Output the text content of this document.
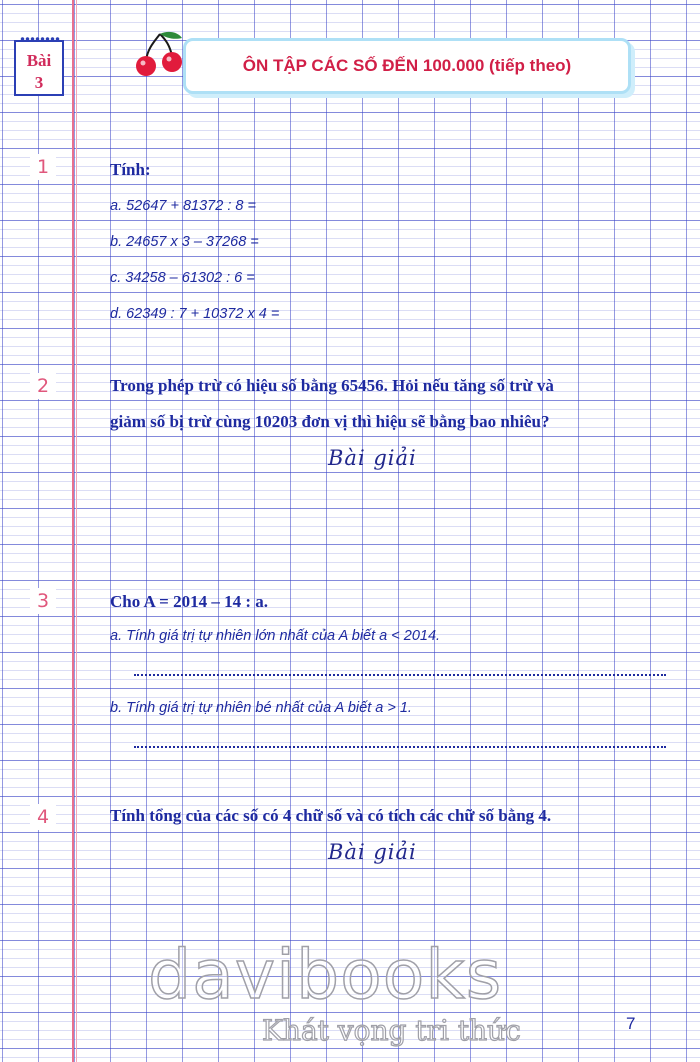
Bài
3
ÔN TẬP CÁC SỐ ĐẾN 100.000 (tiếp theo)
1	Tính:
a. 52647 + 81372 : 8 =
b. 24657 x 3 – 37268 =
c. 34258 – 61302 : 6 =
d. 62349 : 7 + 10372 x 4 =
2	Trong phép trừ có hiệu số bằng 65456. Hỏi nếu tăng số trừ và
giảm số bị trừ cùng 10203 đơn vị thì hiệu sẽ bằng bao nhiêu?
Bài giải
3	Cho A = 2014 – 14 : a.
a. Tính giá trị tự nhiên lớn nhất của A biết a < 2014.
b. Tính giá trị tự nhiên bé nhất của A biết a > 1.
4	Tính tổng của các số có 4 chữ số và có tích các chữ số bằng 4.
Bài giải
davibooks
Khát vọng tri thức	7
